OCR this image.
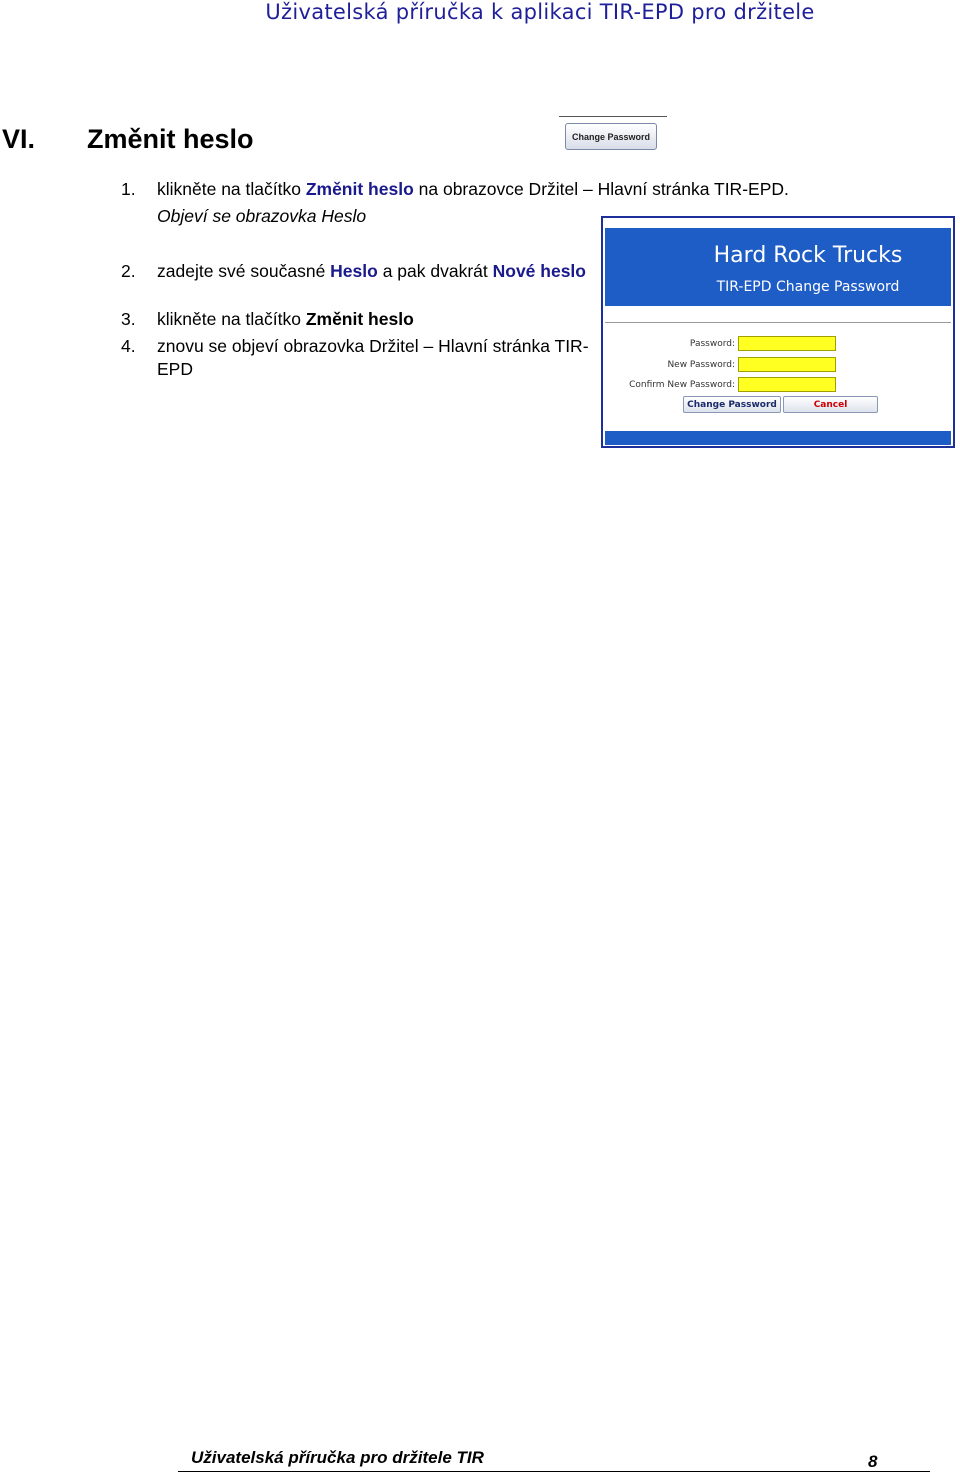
Uživatelská příručka k aplikaci TIR-EPD pro držitele
VI. Změnit heslo	Change Password
1.	klikněte na tlačítko Změnit heslo na obrazovce Držitel – Hlavní stránka TIR-EPD.
Objeví se obrazovka Heslo
2.	zadejte své současné Heslo a pak dvakrát Nové heslo
3.	klikněte na tlačítko Změnit heslo
4.	znovu se objeví obrazovka Držitel – Hlavní stránka TIR-EPD
Hard Rock Trucks
TIR-EPD Change Password
Password:
New Password:
Confirm New Password:
Change Password	Cancel
Uživatelská příručka pro držitele TIR	8
